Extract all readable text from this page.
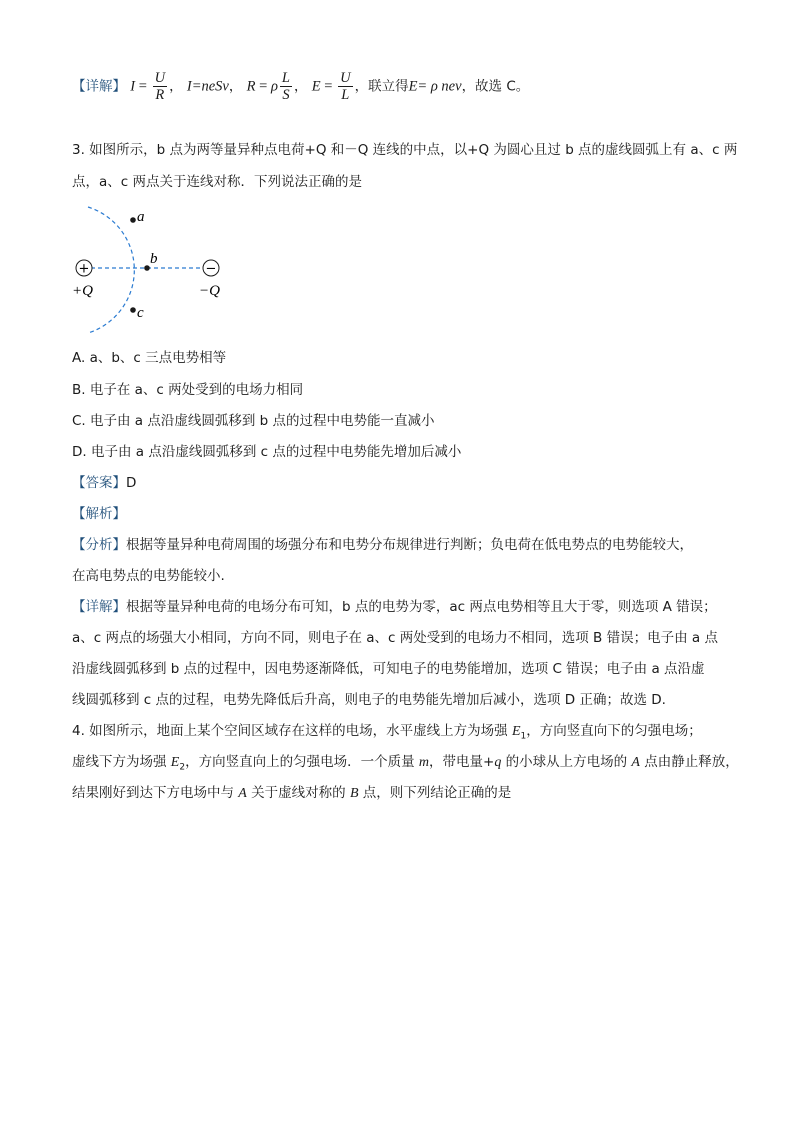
【详解】 $I = \frac{U}{R}$ ， I=neSv， R = ρ $\frac{L}{S}$ ， $E = \frac{U}{L}$ ，联立得E= ρ nev，故选 C。
3. 如图所示，b 点为两等量异种点电荷+Q 和－Q 连线的中点，以+Q 为圆心且过 b 点的虚线圆弧上有 a、c 两
点，a、c 两点关于连线对称．下列说法正确的是
+	−
a
b
c
+Q	−Q
A. a、b、c 三点电势相等
B. 电子在 a、c 两处受到的电场力相同
C. 电子由 a 点沿虚线圆弧移到 b 点的过程中电势能一直减小
D. 电子由 a 点沿虚线圆弧移到 c 点的过程中电势能先增加后减小
【答案】D
【解析】
【分析】根据等量异种电荷周围的场强分布和电势分布规律进行判断；负电荷在低电势点的电势能较大，
在高电势点的电势能较小.
【详解】根据等量异种电荷的电场分布可知，b 点的电势为零，ac 两点电势相等且大于零，则选项 A 错误；
a、c 两点的场强大小相同，方向不同，则电子在 a、c 两处受到的电场力不相同，选项 B 错误；电子由 a 点
沿虚线圆弧移到 b 点的过程中，因电势逐渐降低，可知电子的电势能增加，选项 C 错误；电子由 a 点沿虚
线圆弧移到 c 点的过程，电势先降低后升高，则电子的电势能先增加后减小，选项 D 正确；故选 D.
4. 如图所示，地面上某个空间区域存在这样的电场，水平虚线上方为场强 $E_1$，方向竖直向下的匀强电场；
虚线下方为场强 $E_2$，方向竖直向上的匀强电场．一个质量 m，带电量+q 的小球从上方电场的 A 点由静止释放，
结果刚好到达下方电场中与 A 关于虚线对称的 B 点，则下列结论正确的是
